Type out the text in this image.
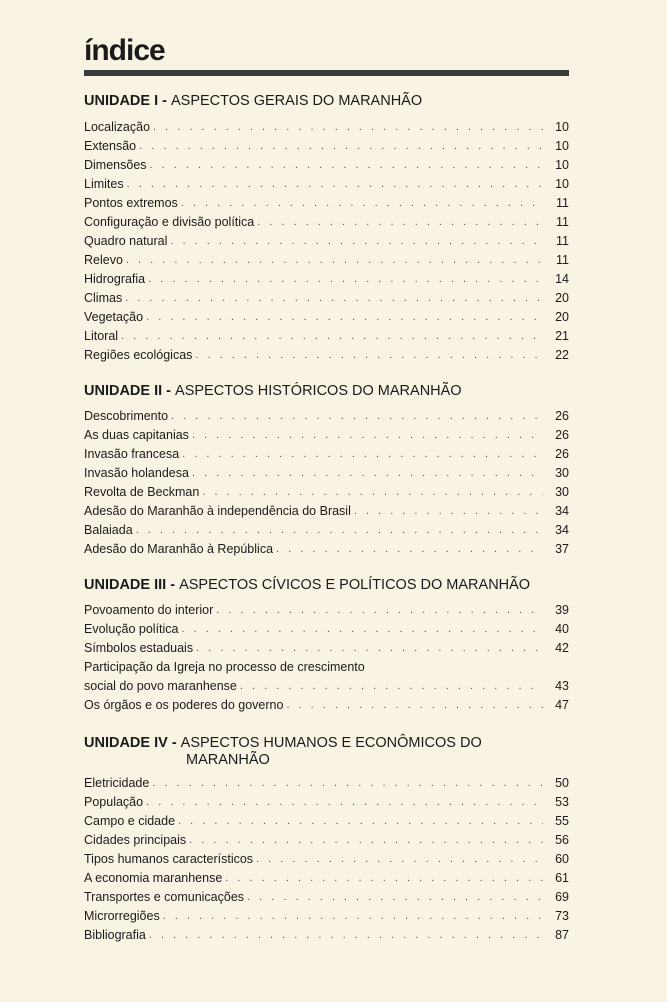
índice
UNIDADE I - ASPECTOS GERAIS DO MARANHÃO
Localização . . .	10
Extensão . . .	10
Dimensões . . .	10
Limites . . .	10
Pontos extremos . . .	11
Configuração e divisão política . . .	11
Quadro natural . . .	11
Relevo . . .	11
Hidrografia . . .	14
Climas . . .	20
Vegetação . . .	20
Litoral . . .	21
Regiões ecológicas . . .	22
UNIDADE II - ASPECTOS HISTÓRICOS DO MARANHÃO
Descobrimento . . .	26
As duas capitanias . . .	26
Invasão francesa . . .	26
Invasão holandesa . . .	30
Revolta de Beckman . . .	30
Adesão do Maranhão à independência do Brasil . . .	34
Balaiada . . .	34
Adesão do Maranhão à República . . .	37
UNIDADE III - ASPECTOS CÍVICOS E POLÍTICOS DO MARANHÃO
Povoamento do interior . . .	39
Evolução política . . .	40
Símbolos estaduais . . .	42
Participação da Igreja no processo de crescimento
social do povo maranhense . . .	43
Os órgãos e os poderes do governo . . .	47
UNIDADE IV - ASPECTOS HUMANOS E ECONÔMICOS DO
MARANHÃO
Eletricidade . . .	50
População . . .	53
Campo e cidade . . .	55
Cidades principais . . .	56
Tipos humanos característicos . . .	60
A economia maranhense . . .	61
Transportes e comunicações . . .	69
Microrregiões . . .	73
Bibliografia . . .	87
